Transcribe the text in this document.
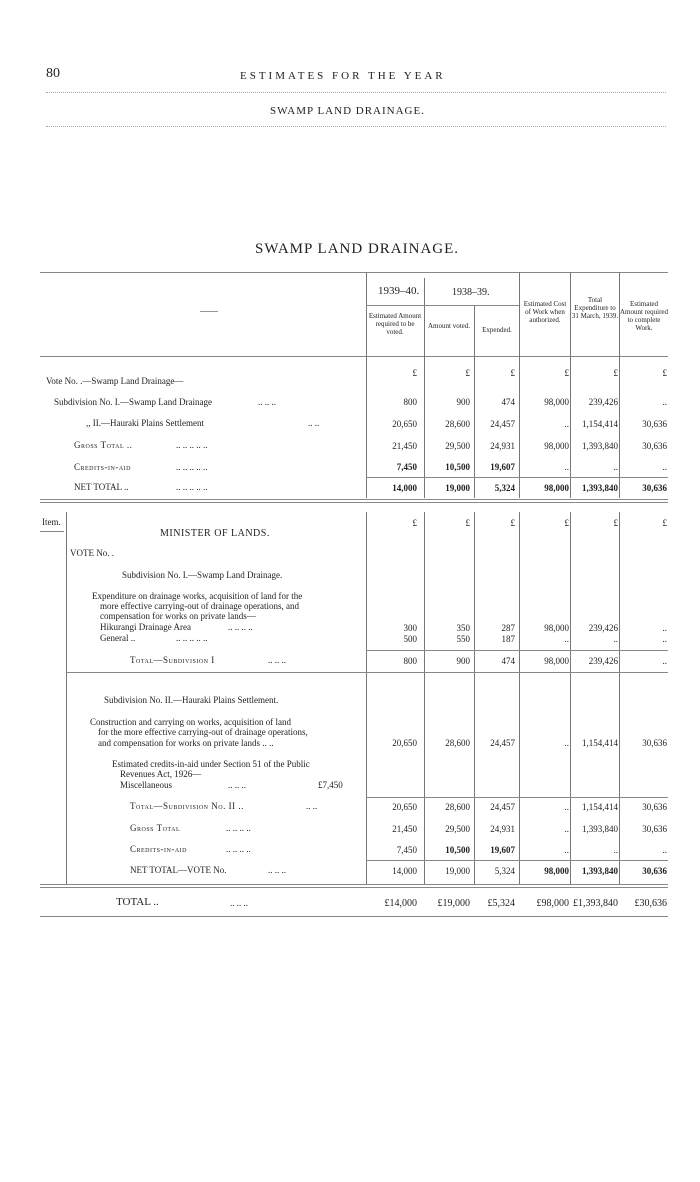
80	ESTIMATES FOR THE YEAR
SWAMP LAND DRAINAGE.
SWAMP LAND DRAINAGE.
——
1939–40.	1938–39.
Estimated Amount required to be voted.
Amount voted.	Expended.
Estimated Cost of Work when authorized.
Total Expenditure to 31 March, 1939.
Estimated Amount required to complete Work.
£	£	£	£	£	£
Vote No. .—Swamp Land Drainage—
Subdivision No. I.—Swamp Land Drainage	.. .. ..	800	900	474	98,000	239,426	..
,, II.—Hauraki Plains Settlement	.. ..	20,650	28,600	24,457	..	1,154,414	30,636
Gross Total ..	.. .. .. .. ..	21,450	29,500	24,931	98,000	1,393,840	30,636
Credits-in-aid	.. .. .. .. ..	7,450	10,500	19,607	..	..	..
NET TOTAL ..	.. .. .. .. ..	14,000	19,000	5,324	98,000	1,393,840	30,636
Item.	£	£	£	£	£	£
MINISTER OF LANDS.
VOTE No. .
Subdivision No. I.—Swamp Land Drainage.
Expenditure on drainage works, acquisition of land for the
more effective carrying-out of drainage operations, and
compensation for works on private lands—
Hikurangi Drainage Area	.. .. .. ..	300	350	287	98,000	239,426	..
General ..	.. .. .. .. ..	500	550	187	..	..	..
Total—Subdivision I	.. .. ..	800	900	474	98,000	239,426	..
Subdivision No. II.—Hauraki Plains Settlement.
Construction and carrying on works, acquisition of land
for the more effective carrying-out of drainage operations,
and compensation for works on private lands .. ..	20,650	28,600	24,457	..	1,154,414	30,636
Estimated credits-in-aid under Section 51 of the Public
Revenues Act, 1926—
Miscellaneous	.. .. ..	£7,450
Total—Subdivision No. II ..	.. ..	20,650	28,600	24,457	..	1,154,414	30,636
Gross Total	.. .. .. ..	21,450	29,500	24,931	..	1,393,840	30,636
Credits-in-aid	.. .. .. ..	7,450	10,500	19,607	..	..	..
NET TOTAL—VOTE No.	.. .. ..	14,000	19,000	5,324	98,000	1,393,840	30,636
TOTAL ..	.. .. ..	£14,000	£19,000	£5,324	£98,000 £1,393,840	£30,636
